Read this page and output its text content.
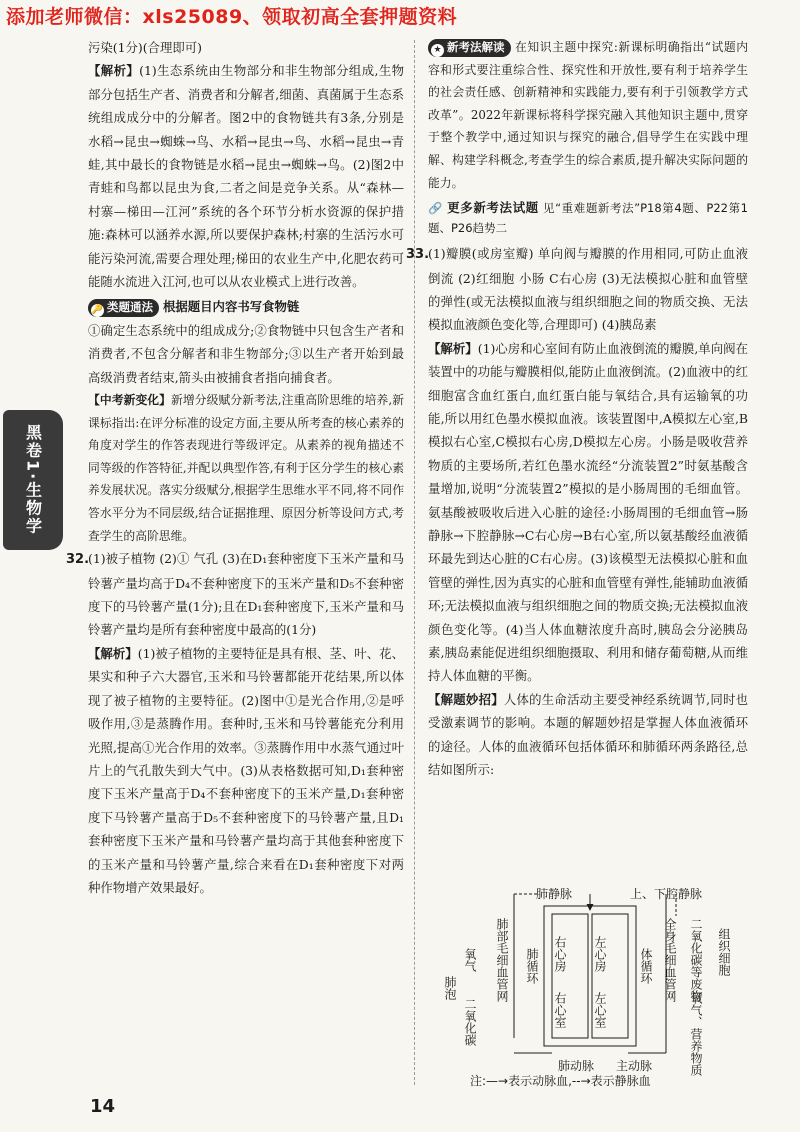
添加老师微信：xls25089、领取初高全套押题资料
黑卷1·生物学

污染(1分)(合理即可)

【解析】(1)生态系统由生物部分和非生物部分组成,生物部分包括生产者、消费者和分解者,细菌、真菌属于生态系统组成成分中的分解者。图2中的食物链共有3条,分别是水稻→昆虫→蜘蛛→鸟、水稻→昆虫→鸟、水稻→昆虫→青蛙,其中最长的食物链是水稻→昆虫→蜘蛛→鸟。(2)图2中青蛙和鸟都以昆虫为食,二者之间是竞争关系。从“森林—村寨—梯田—江河”系统的各个环节分析水资源的保护措施:森林可以涵养水源,所以要保护森林;村寨的生活污水可能污染河流,需要合理处理;梯田的农业生产中,化肥农药可能随水流进入江河,也可以从农业模式上进行改善。

🔑 类题通法 根据题目内容书写食物链

①确定生态系统中的组成成分;②食物链中只包含生产者和消费者,不包含分解者和非生物部分;③以生产者开始到最高级消费者结束,箭头由被捕食者指向捕食者。

【中考新变化】新增分级赋分新考法,注重高阶思维的培养,新课标指出:在评分标准的设定方面,主要从所考查的核心素养的角度对学生的作答表现进行等级评定。从素养的视角描述不同等级的作答特征,并配以典型作答,有利于区分学生的核心素养发展状况。落实分级赋分,根据学生思维水平不同,将不同作答水平分为不同层级,结合证据推理、原因分析等设问方式,考查学生的高阶思维。

32.(1)被子植物 (2)① 气孔 (3)在D₁套种密度下玉米产量和马铃薯产量均高于D₄不套种密度下的玉米产量和D₅不套种密度下的马铃薯产量(1分);且在D₁套种密度下,玉米产量和马铃薯产量均是所有套种密度中最高的(1分)

【解析】(1)被子植物的主要特征是具有根、茎、叶、花、果实和种子六大器官,玉米和马铃薯都能开花结果,所以体现了被子植物的主要特征。(2)图中①是光合作用,②是呼吸作用,③是蒸腾作用。套种时,玉米和马铃薯能充分利用光照,提高①光合作用的效率。③蒸腾作用中水蒸气通过叶片上的气孔散失到大气中。(3)从表格数据可知,D₁套种密度下玉米产量高于D₄不套种密度下的玉米产量,D₁套种密度下马铃薯产量高于D₅不套种密度下的马铃薯产量,且D₁套种密度下玉米产量和马铃薯产量均高于其他套种密度下的玉米产量和马铃薯产量,综合来看在D₁套种密度下对两种作物增产效果最好。

★ 新考法解读 在知识主题中探究:新课标明确指出“试题内容和形式要注重综合性、探究性和开放性,要有利于培养学生的社会责任感、创新精神和实践能力,要有利于引领教学方式改革”。2022年新课标将科学探究融入其他知识主题中,贯穿于整个教学中,通过知识与探究的融合,倡导学生在实践中理解、构建学科概念,考查学生的综合素质,提升解决实际问题的能力。

🔗 更多新考法试题 见“重难题新考法”P18第4题、P22第1题、P26趋势二

33.(1)瓣膜(或房室瓣) 单向阀与瓣膜的作用相同,可防止血液倒流 (2)红细胞 小肠 C右心房 (3)无法模拟心脏和血管壁的弹性(或无法模拟血液与组织细胞之间的物质交换、无法模拟血液颜色变化等,合理即可) (4)胰岛素

【解析】(1)心房和心室间有防止血液倒流的瓣膜,单向阀在装置中的功能与瓣膜相似,能防止血液倒流。(2)血液中的红细胞富含血红蛋白,血红蛋白能与氧结合,具有运输氧的功能,所以用红色墨水模拟血液。该装置图中,A模拟左心室,B模拟右心室,C模拟右心房,D模拟左心房。小肠是吸收营养物质的主要场所,若红色墨水流经“分流装置2”时氨基酸含量增加,说明“分流装置2”模拟的是小肠周围的毛细血管。氨基酸被吸收后进入心脏的途径:小肠周围的毛细血管→肠静脉→下腔静脉→C右心房→B右心室,所以氨基酸经血液循环最先到达心脏的C右心房。(3)该模型无法模拟心脏和血管壁的弹性,因为真实的心脏和血管壁有弹性,能辅助血液循环;无法模拟血液与组织细胞之间的物质交换;无法模拟血液颜色变化等。(4)当人体血糖浓度升高时,胰岛会分泌胰岛素,胰岛素能促进组织细胞摄取、利用和储存葡萄糖,从而维持人体血糖的平衡。

【解题妙招】人体的生命活动主要受神经系统调节,同时也受激素调节的影响。本题的解题妙招是掌握人体血液循环的途径。人体的血液循环包括体循环和肺循环两条路径,总结如图所示:

右心房 左心房
右心室 左心室
肺静脉	上、下腔静脉
肺泡
氧气
二氧化碳
肺部毛细血管网 肺循环	体循环 全身毛细血管网 二氧化碳等废物
氧气、营养物质
组织细胞
肺动脉 主动脉
注:—→表示动脉血,--→表示静脉血
14
